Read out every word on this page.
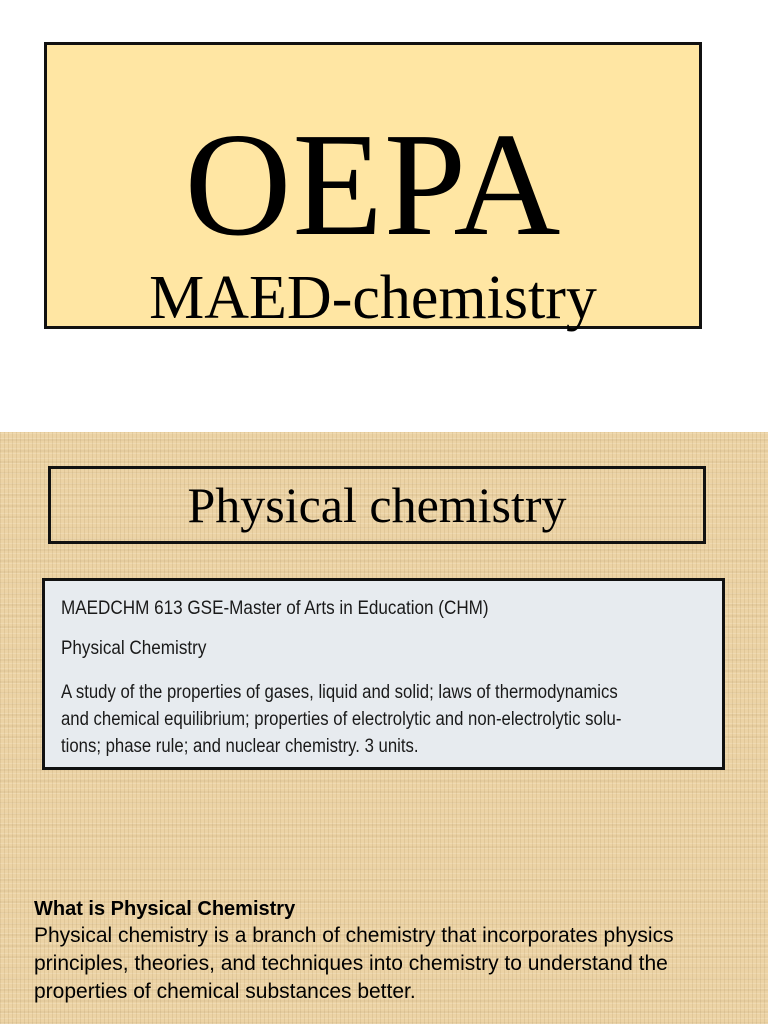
OEPA
MAED-chemistry
Physical chemistry
MAEDCHM 613 GSE-Master of Arts in Education (CHM)
Physical Chemistry
A study of the properties of gases, liquid and solid; laws of thermodynamics
and chemical equilibrium; properties of electrolytic and non-electrolytic solu-
tions; phase rule; and nuclear chemistry. 3 units.

What is Physical Chemistry

Physical chemistry is a branch of chemistry that incorporates physics principles, theories, and techniques into chemistry to understand the properties of chemical substances better.
